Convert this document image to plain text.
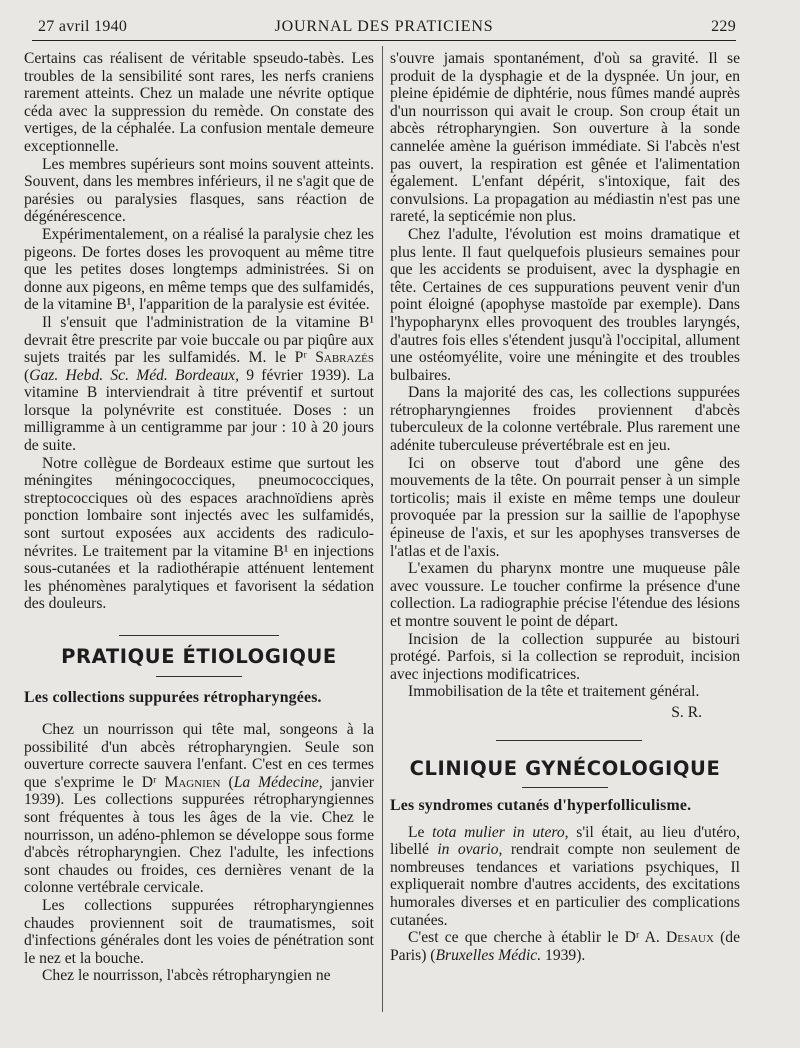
27 avril 1940	JOURNAL DES PRATICIENS	229

Certains cas réalisent de véritable spseudo-tabès. Les troubles de la sensibilité sont rares, les nerfs craniens rarement atteints. Chez un malade une névrite optique céda avec la suppression du remède. On constate des vertiges, de la céphalée. La confusion mentale demeure exceptionnelle.

Les membres supérieurs sont moins souvent atteints. Souvent, dans les membres inférieurs, il ne s'agit que de parésies ou paralysies flasques, sans réaction de dégénérescence.

Expérimentalement, on a réalisé la paralysie chez les pigeons. De fortes doses les provoquent au même titre que les petites doses longtemps administrées. Si on donne aux pigeons, en même temps que des sulfamidés, de la vitamine B¹, l'apparition de la paralysie est évitée.

Il s'ensuit que l'administration de la vitamine B¹ devrait être prescrite par voie buccale ou par piqûre aux sujets traités par les sulfamidés. M. le Pʳ Sabrazés (Gaz. Hebd. Sc. Méd. Bordeaux, 9 février 1939). La vitamine B interviendrait à titre préventif et surtout lorsque la polynévrite est constituée. Doses : un milligramme à un centigramme par jour : 10 à 20 jours de suite.

Notre collègue de Bordeaux estime que surtout les méningites méningococciques, pneumococciques, streptococciques où des espaces arachnoïdiens après ponction lombaire sont injectés avec les sulfamidés, sont surtout exposées aux accidents des radiculo-névrites. Le traitement par la vitamine B¹ en injections sous-cutanées et la radiothérapie atténuent lentement les phénomènes paralytiques et favorisent la sédation des douleurs.

PRATIQUE ÉTIOLOGIQUE
Les collections suppurées rétropharyngées.

Chez un nourrisson qui tête mal, songeons à la possibilité d'un abcès rétropharyngien. Seule son ouverture correcte sauvera l'enfant. C'est en ces termes que s'exprime le Dʳ Magnien (La Médecine, janvier 1939). Les collections suppurées rétropharyngiennes sont fréquentes à tous les âges de la vie. Chez le nourrisson, un adéno-phlemon se développe sous forme d'abcès rétropharyngien. Chez l'adulte, les infections sont chaudes ou froides, ces dernières venant de la colonne vertébrale cervicale.

Les collections suppurées rétropharyngiennes chaudes proviennent soit de traumatismes, soit d'infections générales dont les voies de pénétration sont le nez et la bouche.

Chez le nourrisson, l'abcès rétropharyngien ne

s'ouvre jamais spontanément, d'où sa gravité. Il se produit de la dysphagie et de la dyspnée. Un jour, en pleine épidémie de diphtérie, nous fûmes mandé auprès d'un nourrisson qui avait le croup. Son croup était un abcès rétropharyngien. Son ouverture à la sonde cannelée amène la guérison immédiate. Si l'abcès n'est pas ouvert, la respiration est gênée et l'alimentation également. L'enfant dépérit, s'intoxique, fait des convulsions. La propagation au médiastin n'est pas une rareté, la septicémie non plus.

Chez l'adulte, l'évolution est moins dramatique et plus lente. Il faut quelquefois plusieurs semaines pour que les accidents se produisent, avec la dysphagie en tête. Certaines de ces suppurations peuvent venir d'un point éloigné (apophyse mastoïde par exemple). Dans l'hypopharynx elles provoquent des troubles laryngés, d'autres fois elles s'étendent jusqu'à l'occipital, allument une ostéomyélite, voire une méningite et des troubles bulbaires.

Dans la majorité des cas, les collections suppurées rétropharyngiennes froides proviennent d'abcès tuberculeux de la colonne vertébrale. Plus rarement une adénite tuberculeuse prévertébrale est en jeu.

Ici on observe tout d'abord une gêne des mouvements de la tête. On pourrait penser à un simple torticolis; mais il existe en même temps une douleur provoquée par la pression sur la saillie de l'apophyse épineuse de l'axis, et sur les apophyses transverses de l'atlas et de l'axis.

L'examen du pharynx montre une muqueuse pâle avec voussure. Le toucher confirme la présence d'une collection. La radiographie précise l'étendue des lésions et montre souvent le point de départ.

Incision de la collection suppurée au bistouri protégé. Parfois, si la collection se reproduit, incision avec injections modificatrices.

Immobilisation de la tête et traitement général.

S. R.

CLINIQUE GYNÉCOLOGIQUE
Les syndromes cutanés d'hyperfolliculisme.

Le tota mulier in utero, s'il était, au lieu d'utéro, libellé in ovario, rendrait compte non seulement de nombreuses tendances et variations psychiques, Il expliquerait nombre d'autres accidents, des excitations humorales diverses et en particulier des complications cutanées.

C'est ce que cherche à établir le Dʳ A. Desaux (de Paris) (Bruxelles Médic. 1939).
